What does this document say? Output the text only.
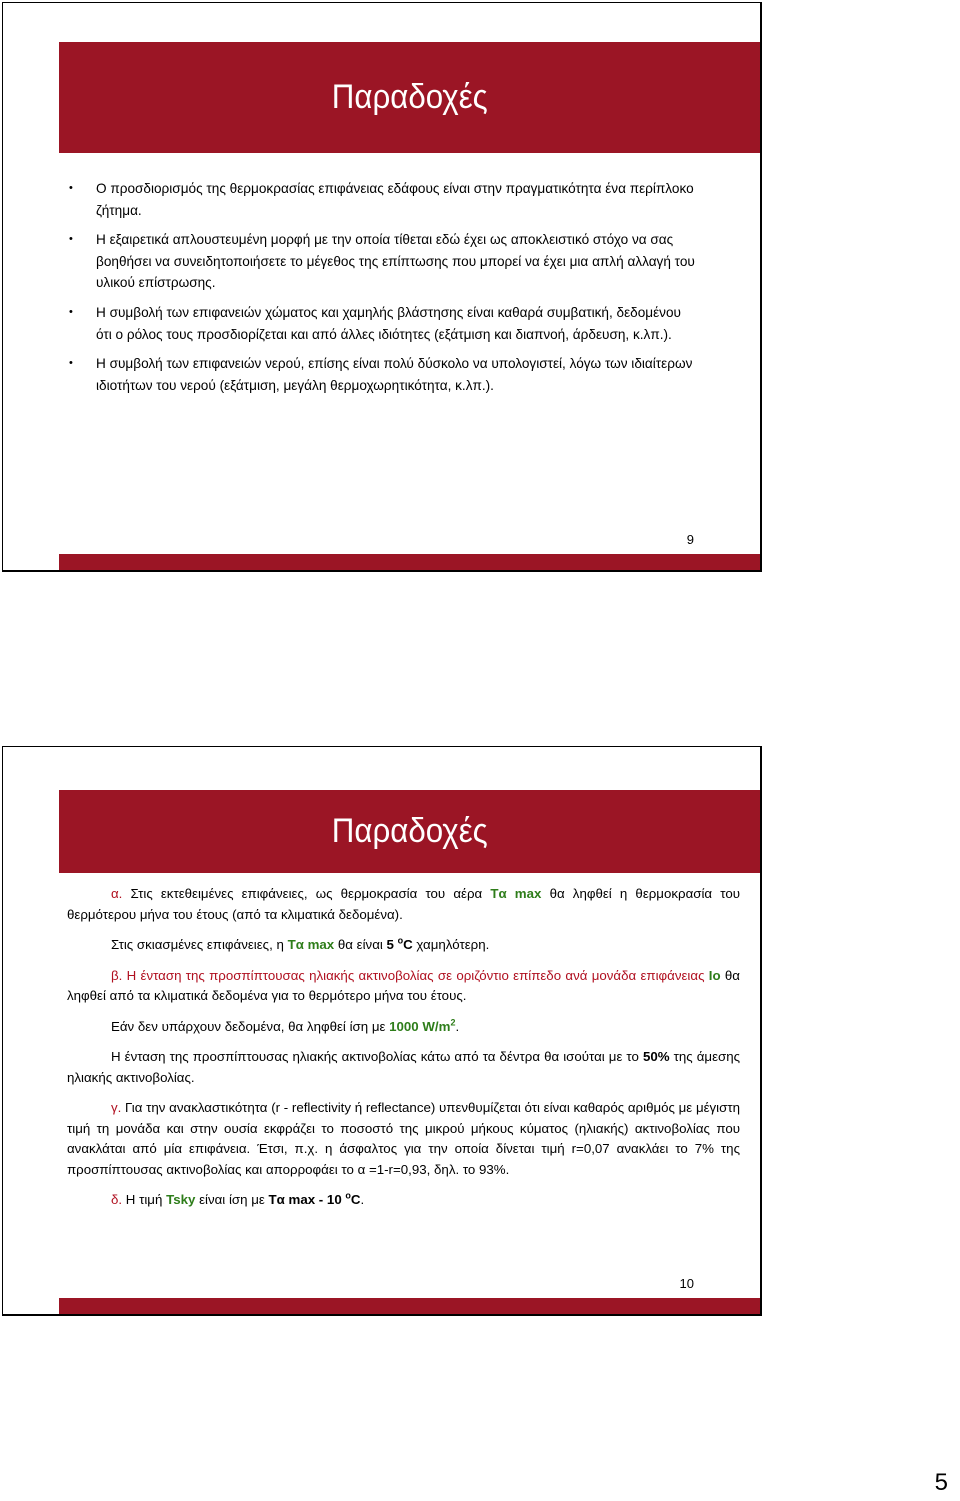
Παραδοχές
• Ο προσδιορισμός της θερμοκρασίας επιφάνειας εδάφους είναι στην πραγματικότητα ένα περίπλοκο ζήτημα.
• Η εξαιρετικά απλουστευμένη μορφή με την οποία τίθεται εδώ έχει ως αποκλειστικό στόχο να σας βοηθήσει να συνειδητοποιήσετε το μέγεθος της επίπτωσης που μπορεί να έχει μια απλή αλλαγή του υλικού επίστρωσης.
• Η συμβολή των επιφανειών χώματος και χαμηλής βλάστησης είναι καθαρά συμβατική, δεδομένου ότι ο ρόλος τους προσδιορίζεται και από άλλες ιδιότητες (εξάτμιση και διαπνοή, άρδευση, κ.λπ.).
• Η συμβολή των επιφανειών νερού, επίσης είναι πολύ δύσκολο να υπολογιστεί, λόγω των ιδιαίτερων ιδιοτήτων του νερού (εξάτμιση, μεγάλη θερμοχωρητικότητα, κ.λπ.).
9
Παραδοχές

α. Στις εκτεθειμένες επιφάνειες, ως θερμοκρασία του αέρα Tα max θα ληφθεί η θερμοκρασία του θερμότερου μήνα του έτους (από τα κλιματικά δεδομένα).

Στις σκιασμένες επιφάνειες, η Tα max θα είναι 5 $^o$C χαμηλότερη.

β. Η ένταση της προσπίπτουσας ηλιακής ακτινοβολίας σε οριζόντιο επίπεδο ανά μονάδα επιφάνειας Io θα ληφθεί από τα κλιματικά δεδομένα για το θερμότερο μήνα του έτους.

Εάν δεν υπάρχουν δεδομένα, θα ληφθεί ίση με 1000 $W/m^2$.

Η ένταση της προσπίπτουσας ηλιακής ακτινοβολίας κάτω από τα δέντρα θα ισούται με το 50% της άμεσης ηλιακής ακτινοβολίας.

γ. Για την ανακλαστικότητα (r - reflectivity ή reflectance) υπενθυμίζεται ότι είναι καθαρός αριθμός με μέγιστη τιμή τη μονάδα και στην ουσία εκφράζει το ποσοστό της μικρού μήκους κύματος (ηλιακής) ακτινοβολίας που ανακλάται από μία επιφάνεια. Έτσι, π.χ. η άσφαλτος για την οποία δίνεται τιμή r=0,07 ανακλάει το 7% της προσπίπτουσας ακτινοβολίας και απορροφάει το α =1-r=0,93, δηλ. το 93%.

δ. Η τιμή Tsky είναι ίση με Tα max - 10 $^o$C.

10
5
